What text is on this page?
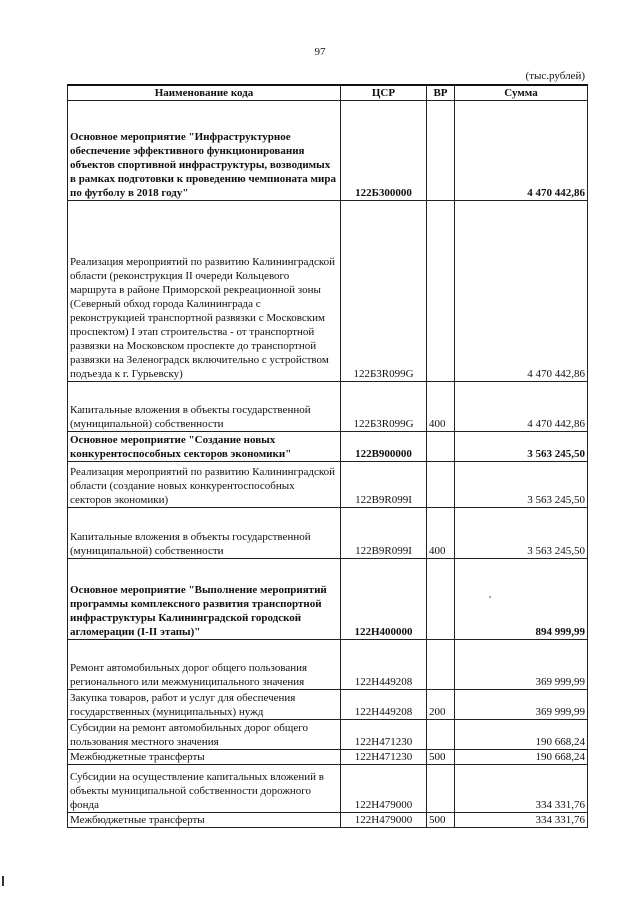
97
(тыс.рублей)
Наименование кода	ЦСР	ВР	Сумма
Основное мероприятие "Инфраструктурное обеспечение эффективного функционирования объектов спортивной инфраструктуры, возводимых в рамках подготовки к проведению чемпионата мира по футболу в 2018 году"	122Б300000		4 470 442,86
Реализация мероприятий по развитию Калининградской области (реконструкция II очереди Кольцевого маршрута в районе Приморской рекреационной зоны (Северный обход города Калининграда с реконструкцией транспортной развязки с Московским проспектом) I этап строительства - от транспортной развязки на Московском проспекте до транспортной развязки на Зеленоградск включительно с устройством подъезда к г. Гурьевску)	122Б3R099G		4 470 442,86
Капитальные вложения в объекты государственной (муниципальной) собственности	122Б3R099G	400	4 470 442,86
Основное мероприятие "Создание новых конкурентоспособных секторов экономики"	122В900000		3 563 245,50
Реализация мероприятий по развитию Калининградской области (создание новых конкурентоспособных секторов экономики)	122В9R099I		3 563 245,50
Капитальные вложения в объекты государственной (муниципальной) собственности	122В9R099I	400	3 563 245,50
Основное мероприятие "Выполнение мероприятий программы комплексного развития транспортной инфраструктуры Калининградской городской агломерации (I-II этапы)"	122Н400000		894 999,99
Ремонт автомобильных дорог общего пользования регионального или межмуниципального значения	122Н449208		369 999,99
Закупка товаров, работ и услуг для обеспечения государственных (муниципальных) нужд	122Н449208	200	369 999,99
Субсидии на ремонт автомобильных дорог общего пользования местного значения	122Н471230		190 668,24
Межбюджетные трансферты	122Н471230	500	190 668,24
Субсидии на осуществление капитальных вложений в объекты муниципальной собственности дорожного фонда	122Н479000		334 331,76
Межбюджетные трансферты	122Н479000	500	334 331,76
